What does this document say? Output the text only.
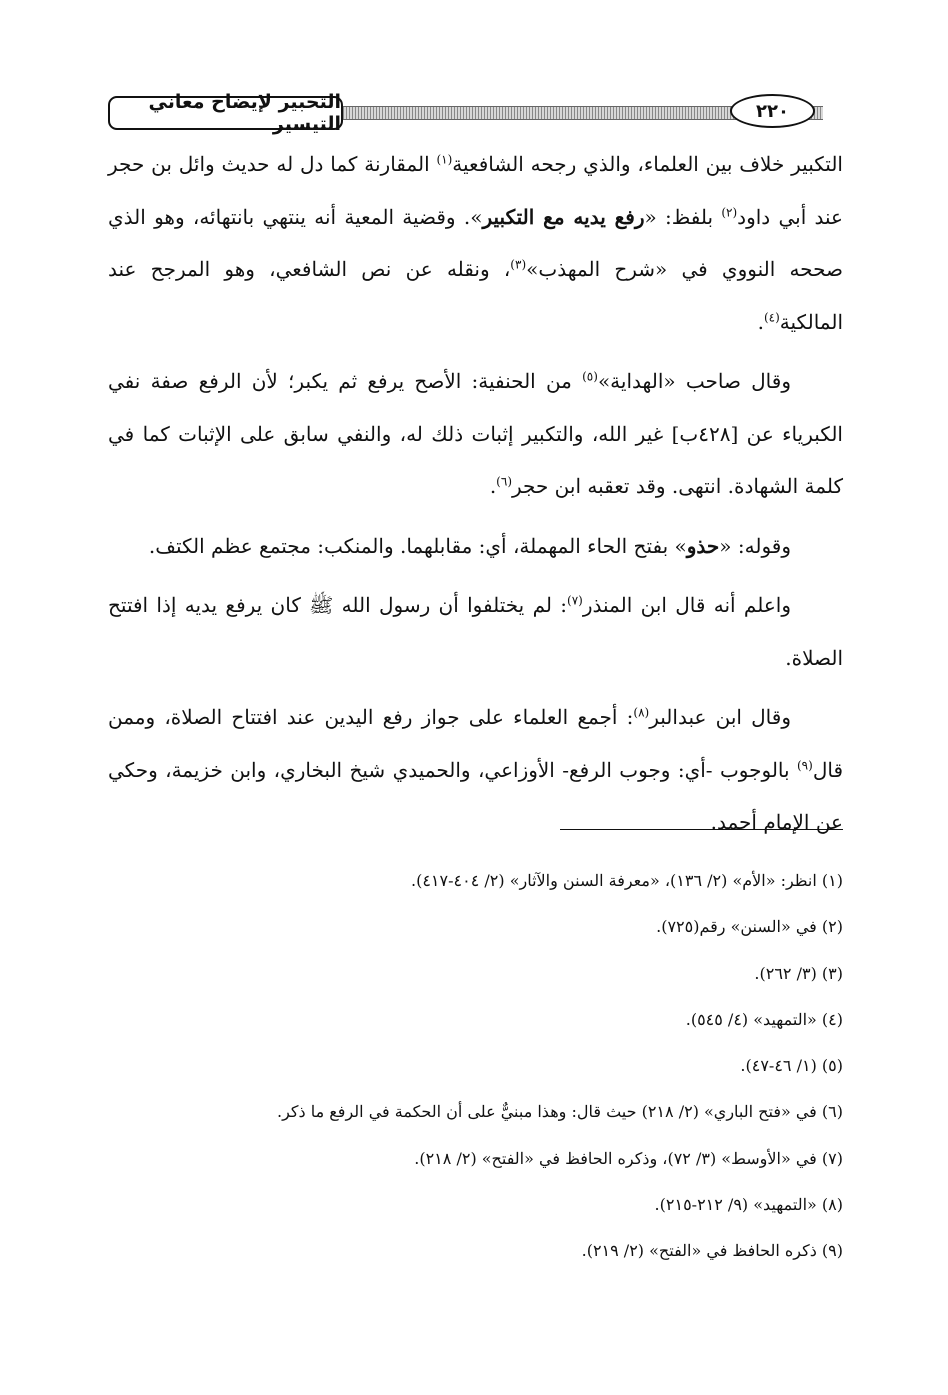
التحبير لإيضاح معاني التيسير
٢٢٠

التكبير خلاف بين العلماء، والذي رجحه الشافعية$^{(١)}$ المقارنة كما دل له حديث وائل بن حجر عند أبي داود$^{(٢)}$ بلفظ: «رفع يديه مع التكبير». وقضية المعية أنه ينتهي بانتهائه، وهو الذي صححه النووي في «شرح المهذب»$^{(٣)}$، ونقله عن نص الشافعي، وهو المرجح عند المالكية$^{(٤)}$.

وقال صاحب «الهداية»$^{(٥)}$ من الحنفية: الأصح يرفع ثم يكبر؛ لأن الرفع صفة نفي الكبرياء عن [٤٢٨ب] غير الله، والتكبير إثبات ذلك له، والنفي سابق على الإثبات كما في كلمة الشهادة. انتهى. وقد تعقبه ابن حجر$^{(٦)}$.

وقوله: «حذو» بفتح الحاء المهملة، أي: مقابلهما. والمنكب: مجتمع عظم الكتف.

واعلم أنه قال ابن المنذر$^{(٧)}$: لم يختلفوا أن رسول الله ﷺ كان يرفع يديه إذا افتتح الصلاة.

وقال ابن عبدالبر$^{(٨)}$: أجمع العلماء على جواز رفع اليدين عند افتتاح الصلاة، وممن قال$^{(٩)}$ بالوجوب -أي: وجوب الرفع- الأوزاعي، والحميدي شيخ البخاري، وابن خزيمة، وحكي عن الإمام أحمد.

(١) انظر: «الأم» (٢/ ١٣٦)، «معرفة السنن والآثار» (٢/ ٤٠٤-٤١٧).
(٢) في «السنن» رقم(٧٢٥).
(٣) (٣/ ٢٦٢).
(٤) «التمهيد» (٤/ ٥٤٥).
(٥) (١/ ٤٦-٤٧).
(٦) في «فتح الباري» (٢/ ٢١٨) حيث قال: وهذا مبنيٌّ على أن الحكمة في الرفع ما ذكر.
(٧) في «الأوسط» (٣/ ٧٢)، وذكره الحافظ في «الفتح» (٢/ ٢١٨).
(٨) «التمهيد» (٩/ ٢١٢-٢١٥).
(٩) ذكره الحافظ في «الفتح» (٢/ ٢١٩).
